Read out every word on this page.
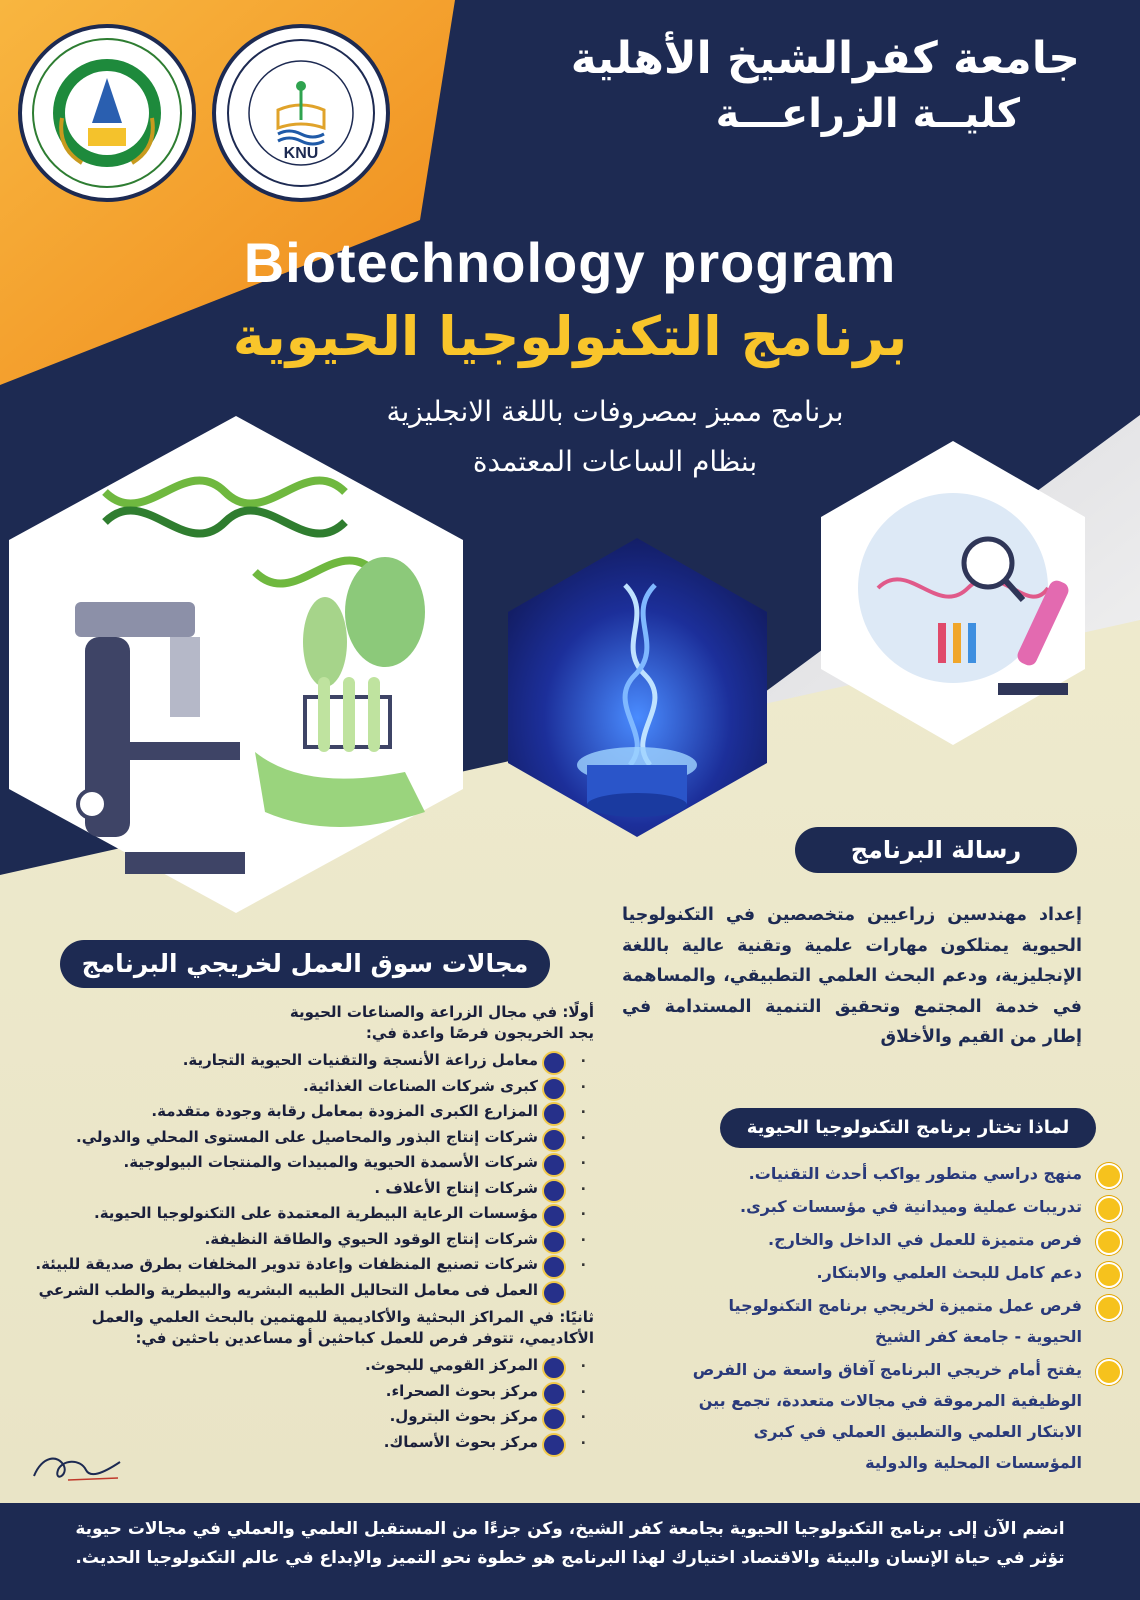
KNU
جامعة كفرالشيخ الأهلية
كليــة الزراعـــة
Biotechnology program
برنامج التكنولوجيا الحيوية
برنامج مميز بمصروفات باللغة الانجليزية
بنظام الساعات المعتمدة
رسالة البرنامج
إعداد مهندسين زراعيين متخصصين في التكنولوجيا الحيوية يمتلكون مهارات علمية وتقنية عالية باللغة الإنجليزية، ودعم البحث العلمي التطبيقي، والمساهمة في خدمة المجتمع وتحقيق التنمية المستدامة في إطار من القيم والأخلاق
لماذا تختار برنامج التكنولوجيا الحيوية
منهج دراسي متطور يواكب أحدث التقنيات.
تدريبات عملية وميدانية في مؤسسات كبرى.
فرص متميزة للعمل في الداخل والخارج.
دعم كامل للبحث العلمي والابتكار.
فرص عمل متميزة لخريجي برنامج التكنولوجيا الحيوية - جامعة كفر الشيخ
يفتح أمام خريجي البرنامج آفاق واسعة من الفرص الوظيفية المرموقة في مجالات متعددة، تجمع بين الابتكار العلمي والتطبيق العملي في كبرى المؤسسات المحلية والدولية
مجالات سوق العمل لخريجي البرنامج
أولًا: في مجال الزراعة والصناعات الحيوية
يجد الخريجون فرصًا واعدة في:
.
معامل زراعة الأنسجة والتقنيات الحيوية التجارية.
.
كبرى شركات الصناعات الغذائية.
.
المزارع الكبرى المزودة بمعامل رقابة وجودة متقدمة.
.
شركات إنتاج البذور والمحاصيل على المستوى المحلي والدولي.
.
شركات الأسمدة الحيوية والمبيدات والمنتجات البيولوجية.
.
شركات إنتاج الأعلاف .
.
مؤسسات الرعاية البيطرية المعتمدة على التكنولوجيا الحيوية.
.
شركات إنتاج الوقود الحيوي والطاقة النظيفة.
.
شركات تصنيع المنظفات وإعادة تدوير المخلفات بطرق صديقة للبيئة.
العمل فى معامل التحاليل الطبيه البشريه والبيطرية والطب الشرعي
ثانيًا: في المراكز البحثية والأكاديمية للمهتمين بالبحث العلمي والعمل الأكاديمي، تتوفر فرص للعمل كباحثين أو مساعدين باحثين في:
.
المركز القومي للبحوث.
.
مركز بحوث الصحراء.
.
مركز بحوث البترول.
.
مركز بحوث الأسماك.
انضم الآن إلى برنامج التكنولوجيا الحيوية بجامعة كفر الشيخ، وكن جزءًا من المستقبل العلمي والعملي في مجالات حيوية
تؤثر في حياة الإنسان والبيئة والاقتصاد اختيارك لهذا البرنامج هو خطوة نحو التميز والإبداع في عالم التكنولوجيا الحديث.
